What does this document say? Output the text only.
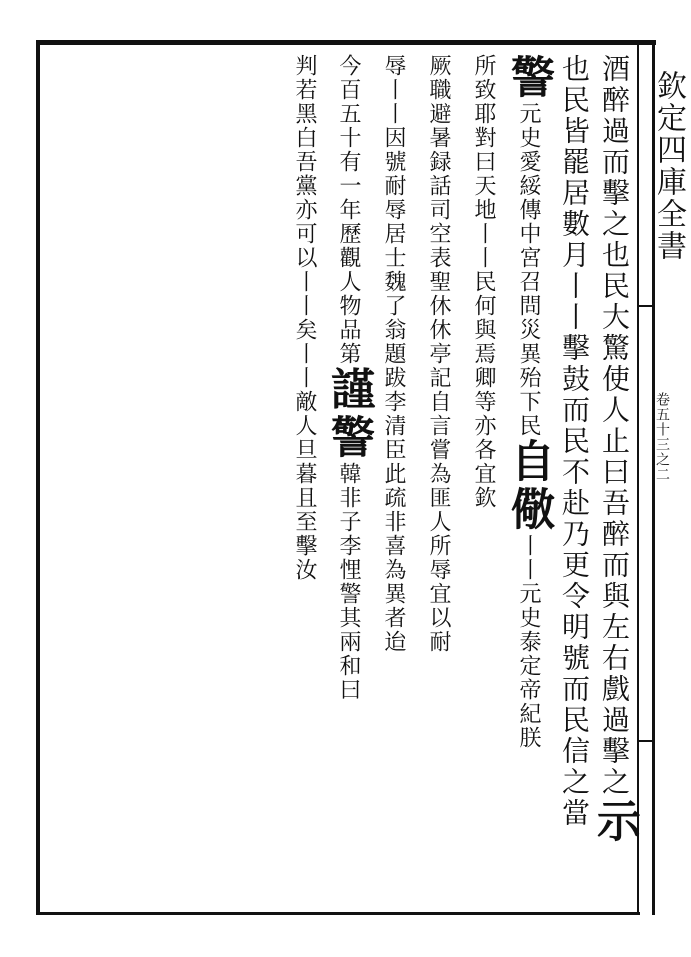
欽定四庫全書
卷五十三之二
酒醉過而擊之也民大驚使人止曰吾醉而與左右戲過擊之示
也民皆罷居數月丨丨擊鼓而民不赴乃更令明號而民信之當
警元史愛綏傳中宮召問災異殆下民自儆丨丨元史泰定帝紀朕
所致耶對曰天地丨丨民何與焉卿等亦各宜欽
厥職避暑録話司空表聖休休亭記自言嘗為匪人所辱宜以耐
辱丨丨因號耐辱居士魏了翁題跋李清臣此疏非喜為異者迨
今百五十有一年歷觀人物品第謹警韓非子李悝警其兩和曰
判若黑白吾黨亦可以丨丨矣丨丨敵人旦暮且至擊汝
